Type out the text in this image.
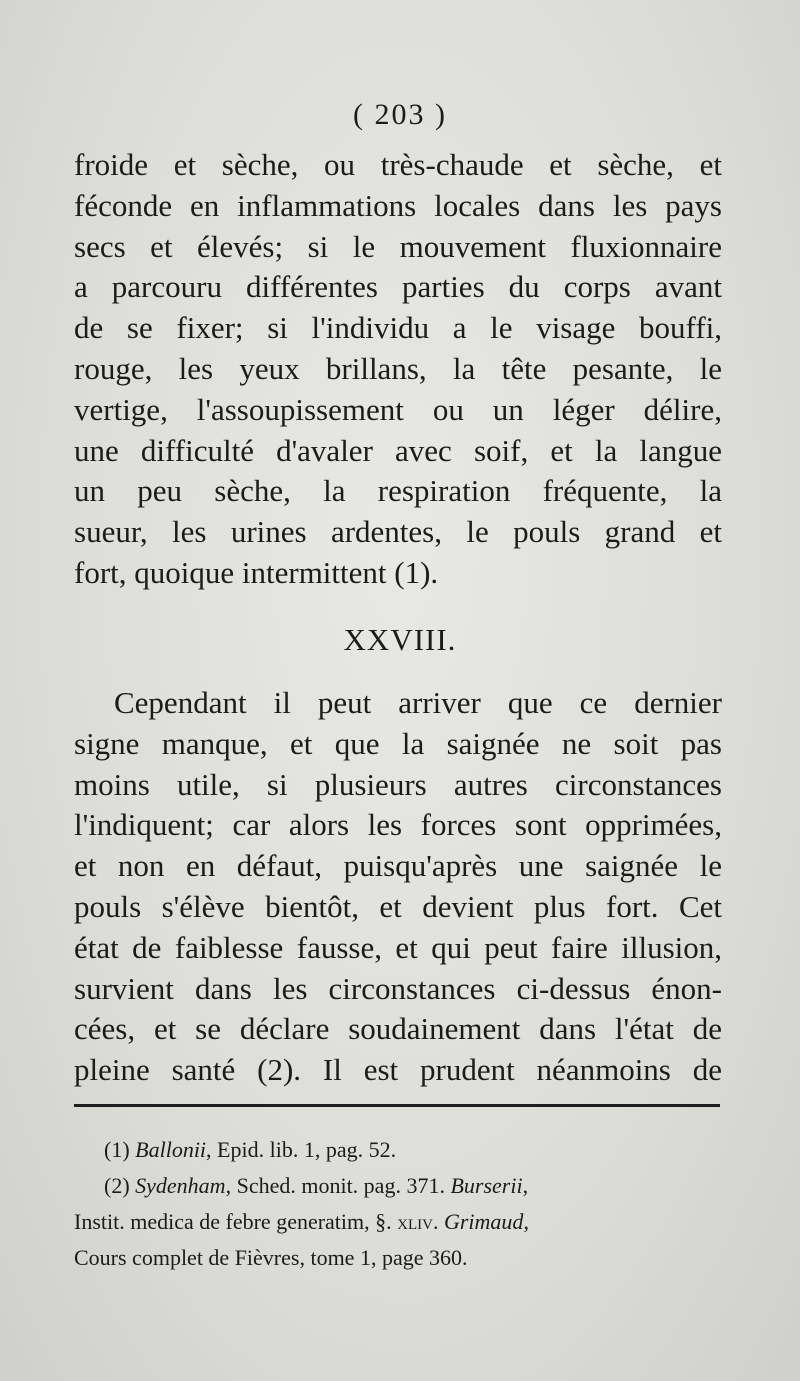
( 203 )
froide et sèche, ou très-chaude et sèche, et
féconde en inflammations locales dans les pays
secs et élevés; si le mouvement fluxionnaire
a parcouru différentes parties du corps avant
de se fixer; si l'individu a le visage bouffi,
rouge, les yeux brillans, la tête pesante, le
vertige, l'assoupissement ou un léger délire,
une difficulté d'avaler avec soif, et la langue
un peu sèche, la respiration fréquente, la
sueur, les urines ardentes, le pouls grand et
fort, quoique intermittent (1).
XXVIII.
Cependant il peut arriver que ce dernier
signe manque, et que la saignée ne soit pas
moins utile, si plusieurs autres circonstances
l'indiquent; car alors les forces sont opprimées,
et non en défaut, puisqu'après une saignée le
pouls s'élève bientôt, et devient plus fort. Cet
état de faiblesse fausse, et qui peut faire illusion,
survient dans les circonstances ci-dessus énon-
cées, et se déclare soudainement dans l'état de
pleine santé (2). Il est prudent néanmoins de
(1) Ballonii, Epid. lib. 1, pag. 52.
(2) Sydenham, Sched. monit. pag. 371. Burserii,
Instit. medica de febre generatim, §. xliv. Grimaud,
Cours complet de Fièvres, tome 1, page 360.
